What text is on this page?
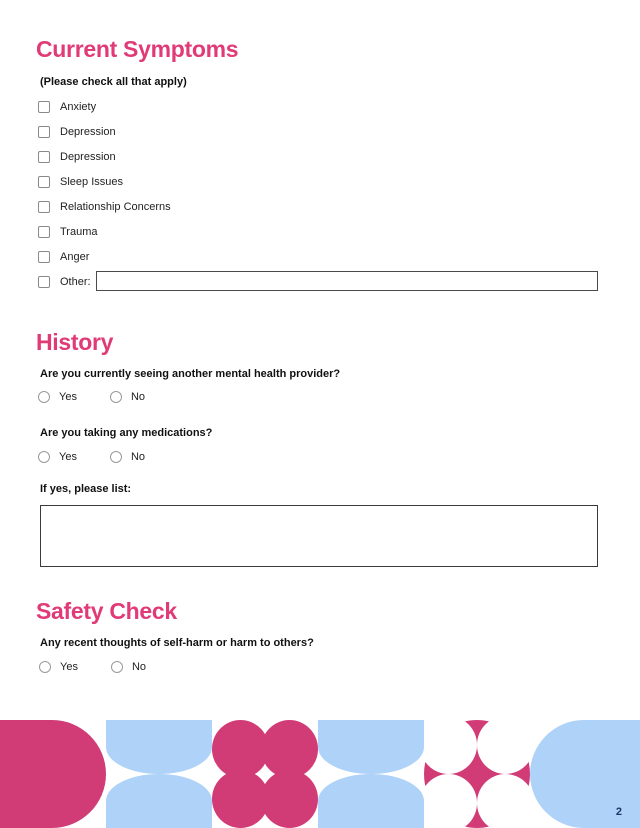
Current Symptoms
(Please check all that apply)
Anxiety
Depression
Depression
Sleep Issues
Relationship Concerns
Trauma
Anger
Other:
History
Are you currently seeing another mental health provider?
Yes	No
Are you taking any medications?
Yes	No
If yes, please list:
Safety Check
Any recent thoughts of self-harm or harm to others?
Yes	No
2
